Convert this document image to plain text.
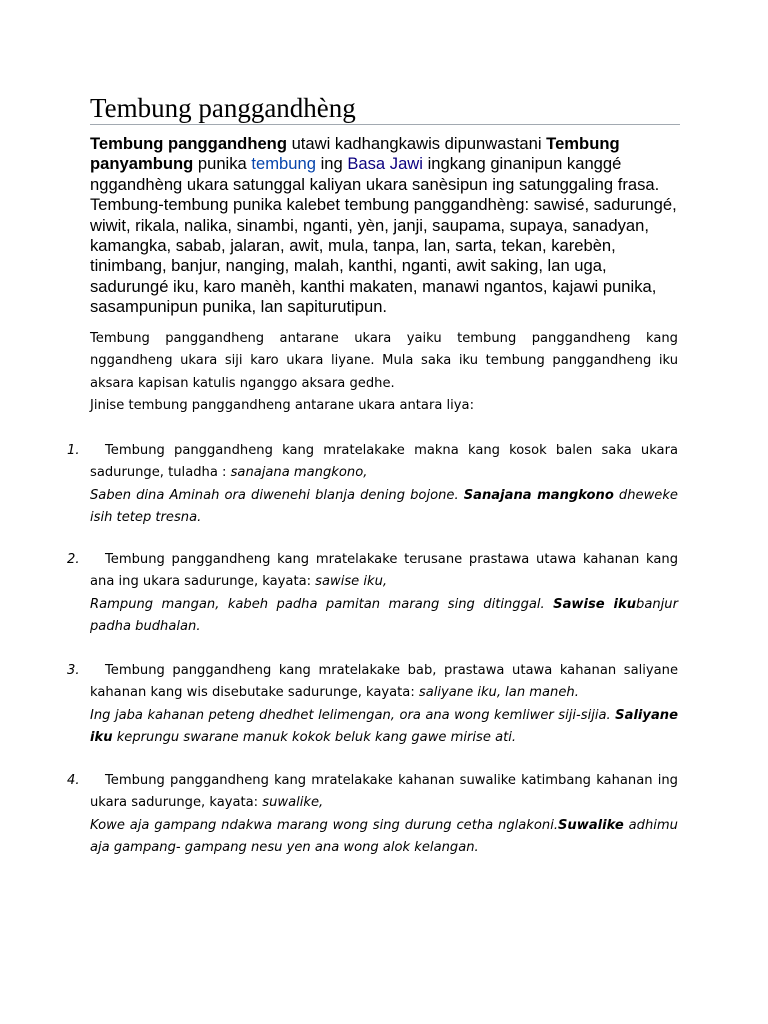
Tembung panggandhèng

Tembung panggandheng utawi kadhangkawis dipunwastani Tembung panyambung punika tembung ing Basa Jawi ingkang ginanipun kanggé nggandhèng ukara satunggal kaliyan ukara sanèsipun ing satunggaling frasa. Tembung-tembung punika kalebet tembung panggandhèng: sawisé, sadurungé, wiwit, rikala, nalika, sinambi, nganti, yèn, janji, saupama, supaya, sanadyan, kamangka, sabab, jalaran, awit, mula, tanpa, lan, sarta, tekan, karebèn, tinimbang, banjur, nanging, malah, kanthi, nganti, awit saking, lan uga, sadurungé iku, karo manèh, kanthi makaten, manawi ngantos, kajawi punika, sasampunipun punika, lan sapiturutipun.

Tembung panggandheng antarane ukara yaiku tembung panggandheng kang nggandheng ukara siji karo ukara liyane. Mula saka iku tembung panggandheng iku aksara kapisan katulis nganggo aksara gedhe.

Jinise tembung panggandheng antarane ukara antara liya:

1.	Tembung panggandheng kang mratelakake makna kang kosok balen saka ukara sadurunge, tuladha : sanajana mangkono,

Saben dina Aminah ora diwenehi blanja dening bojone. Sanajana mangkono dheweke isih tetep tresna.

2.	Tembung panggandheng kang mratelakake terusane prastawa utawa kahanan kang ana ing ukara sadurunge, kayata: sawise iku,

Rampung mangan, kabeh padha pamitan marang sing ditinggal. Sawise ikubanjur padha budhalan.

3.	Tembung panggandheng kang mratelakake bab, prastawa utawa kahanan saliyane kahanan kang wis disebutake sadurunge, kayata: saliyane iku, lan maneh.

Ing jaba kahanan peteng dhedhet lelimengan, ora ana wong kemliwer siji-sijia. Saliyane iku keprungu swarane manuk kokok beluk kang gawe mirise ati.

4.	Tembung panggandheng kang mratelakake kahanan suwalike katimbang kahanan ing ukara sadurunge, kayata: suwalike,

Kowe aja gampang ndakwa marang wong sing durung cetha nglakoni.Suwalike adhimu aja gampang- gampang nesu yen ana wong alok kelangan.
